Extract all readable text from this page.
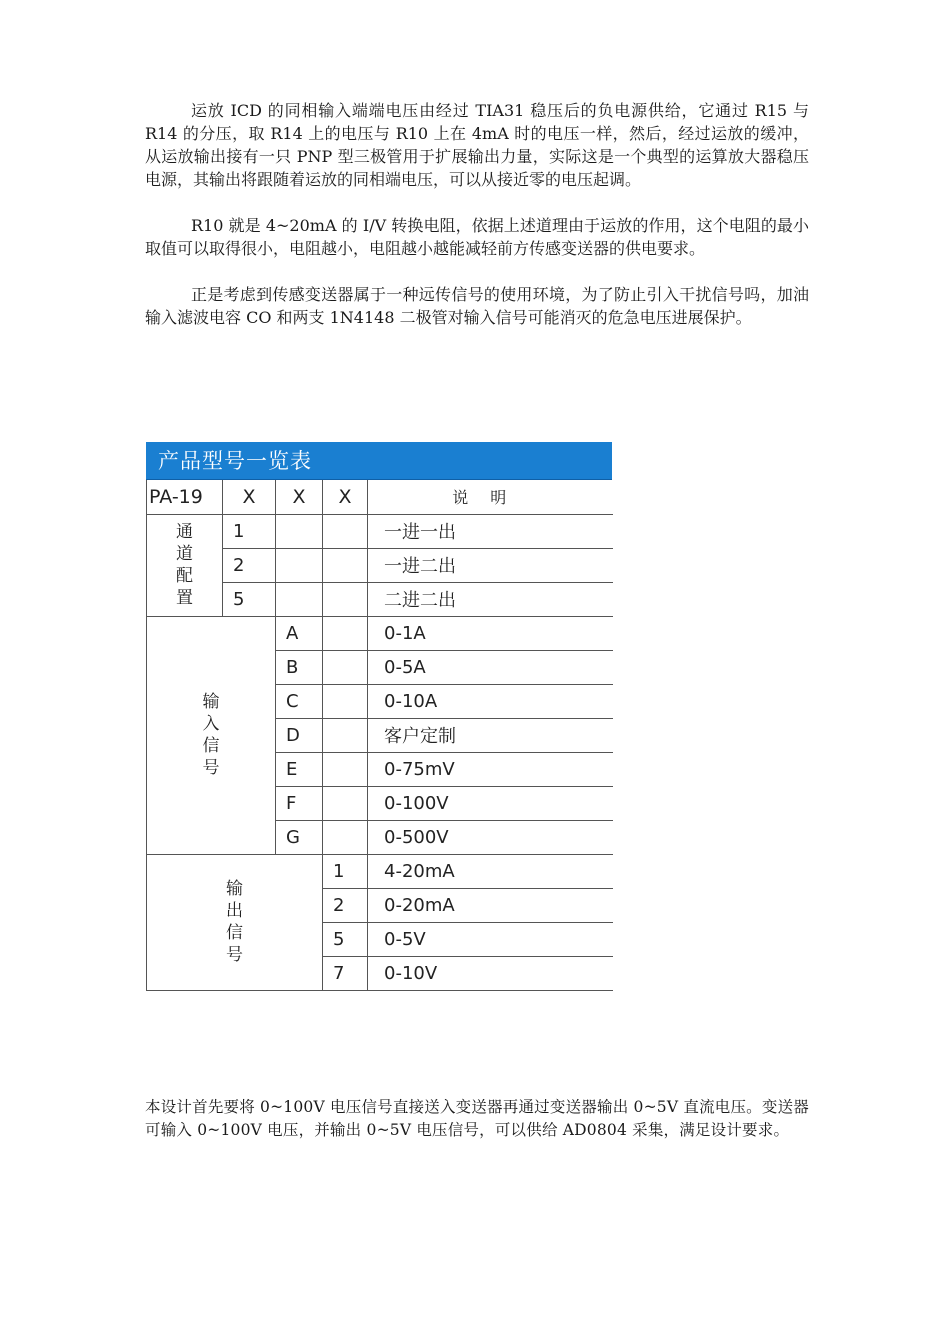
运放 ICD 的同相输入端端电压由经过 TIA31 稳压后的负电源供给，它通过 R15 与 R14 的分压，取 R14 上的电压与 R10 上在 4mA 时的电压一样，然后，经过运放的缓冲，从运放输出接有一只 PNP 型三极管用于扩展输出力量，实际这是一个典型的运算放大器稳压电源，其输出将跟随着运放的同相端电压，可以从接近零的电压起调。

R10 就是 4~20mA 的 I/V 转换电阻，依据上述道理由于运放的作用，这个电阻的最小取值可以取得很小，电阻越小，电阻越小越能减轻前方传感变送器的供电要求。

正是考虑到传感变送器属于一种远传信号的使用环境，为了防止引入干扰信号吗，加油输入滤波电容 CO 和两支 1N4148 二极管对输入信号可能消灭的危急电压进展保护。

产品型号一览表
PA-19	X	X	X	说明
通道配置	1			一进一出
	2			一进二出
	5			二进二出
输入信号		A		0-1A
		B		0-5A
		C		0-10A
		D		客户定制
		E		0-75mV
		F		0-100V
		G		0-500V
输出信号			1	4-20mA
			2	0-20mA
			5	0-5V
			7	0-10V

本设计首先要将 0~100V 电压信号直接送入变送器再通过变送器输出 0~5V 直流电压。变送器可输入 0~100V 电压，并输出 0~5V 电压信号，可以供给 AD0804 采集，满足设计要求。
